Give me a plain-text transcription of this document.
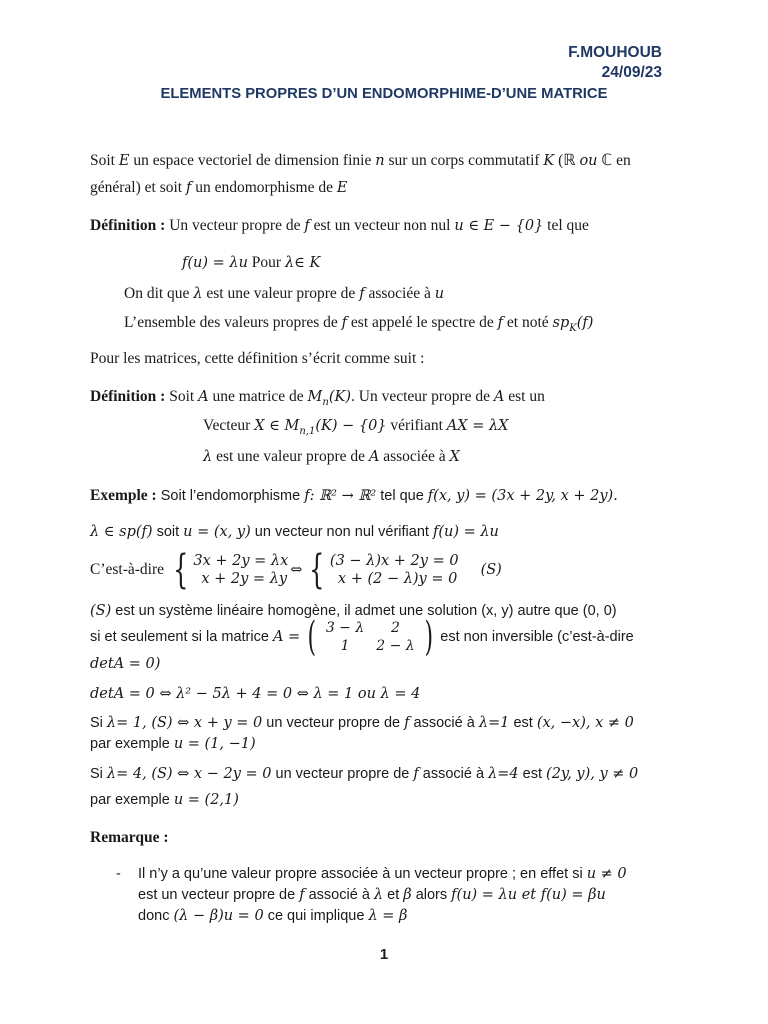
F.MOUHOUB
24/09/23
ELEMENTS PROPRES D’UN ENDOMORPHIME-D’UNE MATRICE
Soit E un espace vectoriel de dimension finie n sur un corps commutatif K (ℝ ou ℂ en
général) et soit f un endomorphisme de E
Définition : Un vecteur propre de f est un vecteur non nul u ∈ E − {0} tel que
f(u) = λu Pour λ∈ K
On dit que λ est une valeur propre de f associée à u
L’ensemble des valeurs propres de f est appelé le spectre de f et noté $sp_K(f)$
Pour les matrices, cette définition s’écrit comme suit :
Définition : Soit A une matrice de $M_n(K)$. Un vecteur propre de A est un
Vecteur X ∈ $M_{n,1}(K) - \{0\}$ vérifiant AX = λX
λ est une valeur propre de A associée à X
Exemple : Soit l’endomorphisme f: ℝ² → ℝ² tel que f(x, y) = (3x + 2y, x + 2y).
λ ∈ sp(f) soit u = (x, y) un vecteur non nul vérifiant f(u) = λu
C’est-à-dire { 3x + 2y = λx
x + 2y = λy
⇔ { (3 − λ)x + 2y = 0
x + (2 − λ)y = 0
(S)
(S) est un système linéaire homogène, il admet une solution (x, y) autre que (0, 0)
si et seulement si la matrice A = ( 3 − λ	2
1	2 − λ ) est non inversible (c’est-à-dire
detA = 0)
detA = 0 ⇔ λ² − 5λ + 4 = 0 ⇔ λ = 1 ou λ = 4
Si λ= 1, (S) ⇔ x + y = 0 un vecteur propre de f associé à λ=1 est (x, −x), x ≠ 0
par exemple u = (1, −1)
Si λ= 4, (S) ⇔ x − 2y = 0 un vecteur propre de f associé à λ=4 est (2y, y), y ≠ 0
par exemple u = (2,1)
Remarque :
- Il n’y a qu’une valeur propre associée à un vecteur propre ; en effet si u ≠ 0
est un vecteur propre de f associé à λ et β alors f(u) = λu et f(u) = βu
donc (λ − β)u = 0 ce qui implique λ = β
1
